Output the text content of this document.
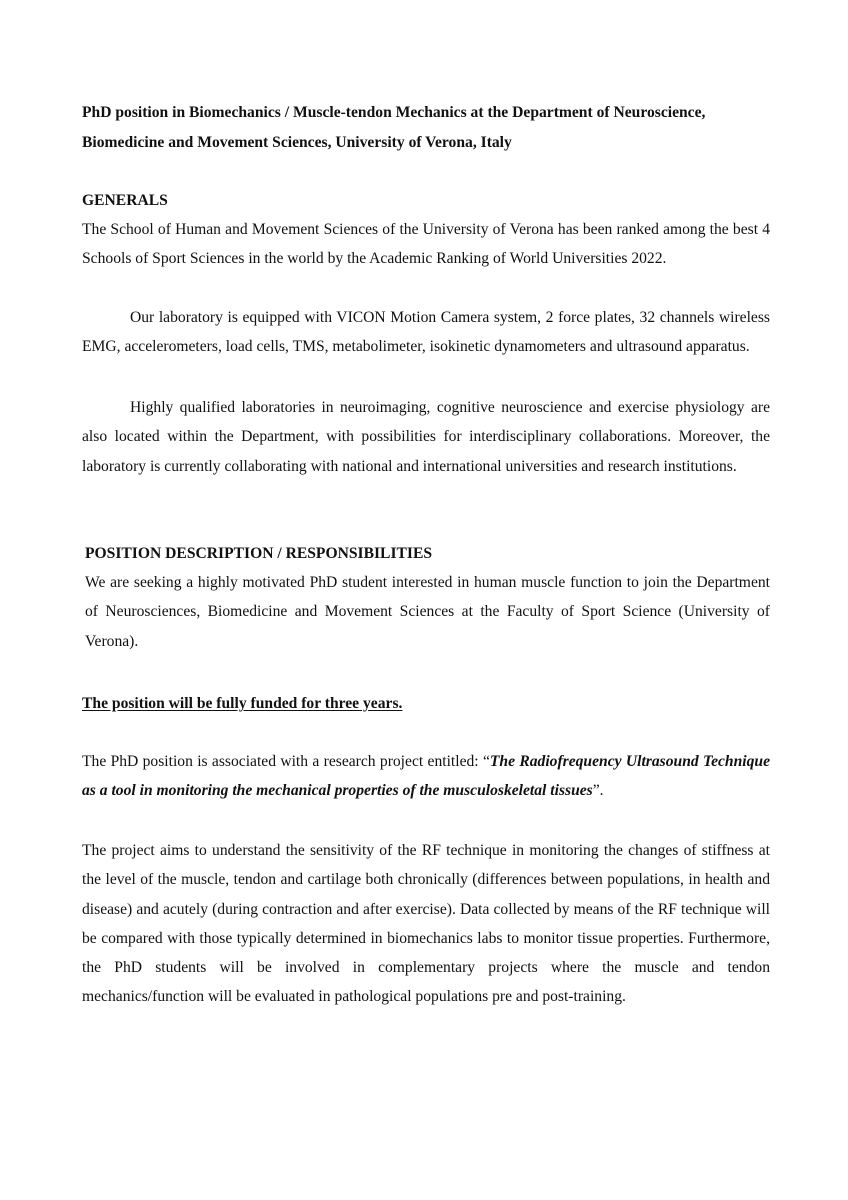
PhD position in Biomechanics / Muscle-tendon Mechanics at the Department of Neuroscience, Biomedicine and Movement Sciences, University of Verona, Italy

GENERALS

The School of Human and Movement Sciences of the University of Verona has been ranked among the best 4 Schools of Sport Sciences in the world by the Academic Ranking of World Universities 2022.

Our laboratory is equipped with VICON Motion Camera system, 2 force plates, 32 channels wireless EMG, accelerometers, load cells, TMS, metabolimeter, isokinetic dynamometers and ultrasound apparatus.

Highly qualified laboratories in neuroimaging, cognitive neuroscience and exercise physiology are also located within the Department, with possibilities for interdisciplinary collaborations. Moreover, the laboratory is currently collaborating with national and international universities and research institutions.

POSITION DESCRIPTION / RESPONSIBILITIES

We are seeking a highly motivated PhD student interested in human muscle function to join the Department of Neurosciences, Biomedicine and Movement Sciences at the Faculty of Sport Science (University of Verona).

The position will be fully funded for three years.

The PhD position is associated with a research project entitled: “The Radiofrequency Ultrasound Technique as a tool in monitoring the mechanical properties of the musculoskeletal tissues”.

The project aims to understand the sensitivity of the RF technique in monitoring the changes of stiffness at the level of the muscle, tendon and cartilage both chronically (differences between populations, in health and disease) and acutely (during contraction and after exercise). Data collected by means of the RF technique will be compared with those typically determined in biomechanics labs to monitor tissue properties. Furthermore, the PhD students will be involved in complementary projects where the muscle and tendon mechanics/function will be evaluated in pathological populations pre and post-training.
